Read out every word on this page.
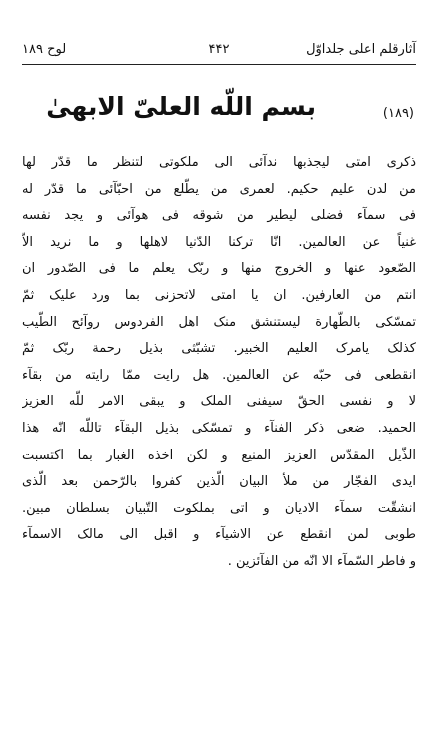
آثارقلم اعلی جلداوّل
۴۴۲
لوح ۱۸۹
(۱۸۹)
بسم اللّه العلیّ الابهیٰ
ذکری امتی لیجذبها ندآئی الی ملکوتی لتنظر ما قدّر لها
من لدن علیم حکیم. لعمری من یطّلع من احبّآئی ما قدّر له
فی سمآء فضلی لیطیر من شوقه فی هوآئی و یجد نفسه
غنیاً عن العالمین. انّا ترکنا الدّنیا لاهلها و ما نرید الاّ
الصّعود عنها و الخروج منها و ربّک یعلم ما فی الصّدور ان
انتم من العارفین. ان یا امتی لاتحزنی بما ورد علیک ثمّ
تمسّکی بالطّهارة لیستنشق منک اهل الفردوس روآئح الطّیب
کذلک یامرک العلیم الخبیر. تشبّثی بذیل رحمة ربّک ثمّ
انقطعی فی حبّه عن العالمین. هل رایت ممّا رایته من بقآء
لا و نفسی الحقّ سیفنی الملک و یبقی الامر للّه العزیز
الحمید. ضعی ذکر الفنآء و تمسّکی بذیل البقآء تاللّه انّه هذا
الذّیل المقدّس العزیز المنیع و لکن اخذه الغبار بما اکتسبت
ایدی الفجّار من ملأ البیان الّذین کفروا بالرّحمن بعد الّذی
انشقّت سمآء الادیان و اتی بملکوت التّبیان بسلطان مبین.
طوبی لمن انقطع عن الاشیآء و اقبل الی مالک الاسمآء
و فاطر السّمآء الا انّه من الفآئزین .
